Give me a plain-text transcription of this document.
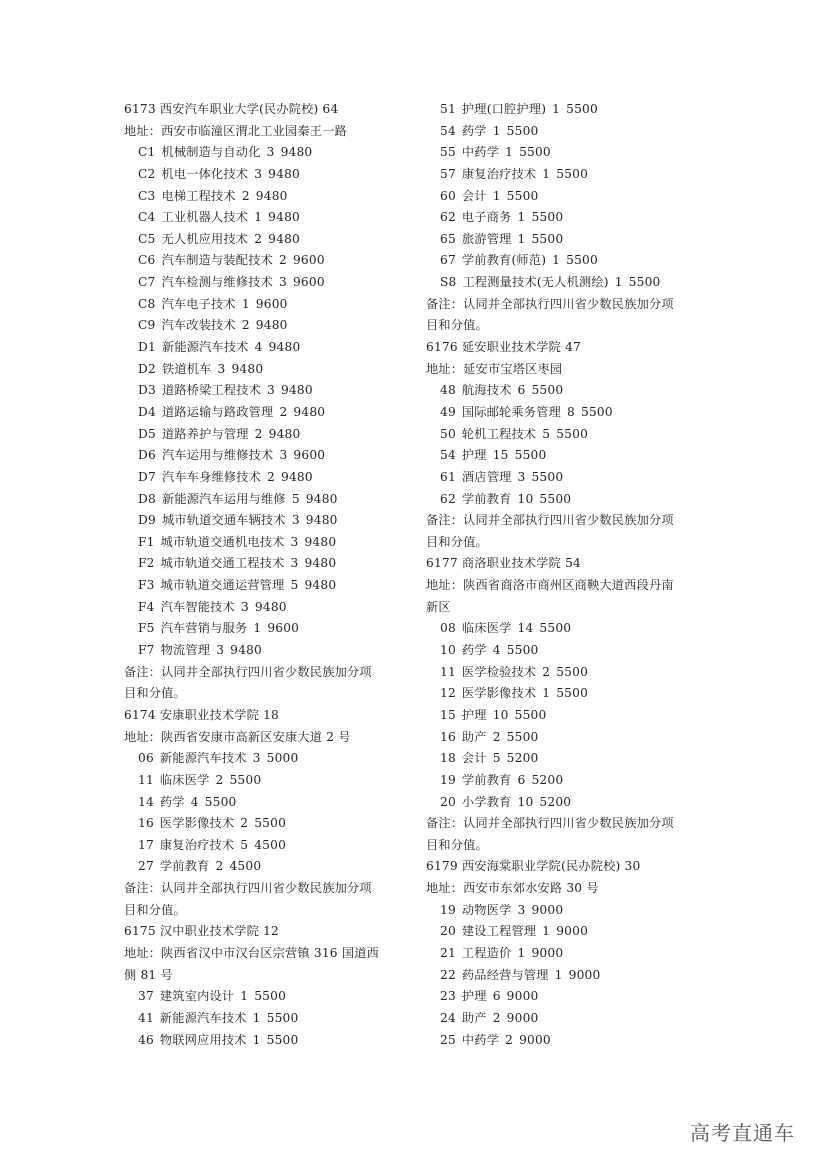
6173 西安汽车职业大学(民办院校) 64
地址：西安市临潼区渭北工业园秦王一路
C1 机械制造与自动化 3 9480
C2 机电一体化技术 3 9480
C3 电梯工程技术 2 9480
C4 工业机器人技术 1 9480
C5 无人机应用技术 2 9480
C6 汽车制造与装配技术 2 9600
C7 汽车检测与维修技术 3 9600
C8 汽车电子技术 1 9600
C9 汽车改装技术 2 9480
D1 新能源汽车技术 4 9480
D2 铁道机车 3 9480
D3 道路桥梁工程技术 3 9480
D4 道路运输与路政管理 2 9480
D5 道路养护与管理 2 9480
D6 汽车运用与维修技术 3 9600
D7 汽车车身维修技术 2 9480
D8 新能源汽车运用与维修 5 9480
D9 城市轨道交通车辆技术 3 9480
F1 城市轨道交通机电技术 3 9480
F2 城市轨道交通工程技术 3 9480
F3 城市轨道交通运营管理 5 9480
F4 汽车智能技术 3 9480
F5 汽车营销与服务 1 9600
F7 物流管理 3 9480
备注：认同并全部执行四川省少数民族加分项
目和分值。
6174 安康职业技术学院 18
地址：陕西省安康市高新区安康大道 2 号
06 新能源汽车技术 3 5000
11 临床医学 2 5500
14 药学 4 5500
16 医学影像技术 2 5500
17 康复治疗技术 5 4500
27 学前教育 2 4500
备注：认同并全部执行四川省少数民族加分项
目和分值。
6175 汉中职业技术学院 12
地址：陕西省汉中市汉台区宗营镇 316 国道西
侧 81 号
37 建筑室内设计 1 5500
41 新能源汽车技术 1 5500
46 物联网应用技术 1 5500
51 护理(口腔护理) 1 5500
54 药学 1 5500
55 中药学 1 5500
57 康复治疗技术 1 5500
60 会计 1 5500
62 电子商务 1 5500
65 旅游管理 1 5500
67 学前教育(师范) 1 5500
S8 工程测量技术(无人机测绘) 1 5500
备注：认同并全部执行四川省少数民族加分项
目和分值。
6176 延安职业技术学院 47
地址：延安市宝塔区枣园
48 航海技术 6 5500
49 国际邮轮乘务管理 8 5500
50 轮机工程技术 5 5500
54 护理 15 5500
61 酒店管理 3 5500
62 学前教育 10 5500
备注：认同并全部执行四川省少数民族加分项
目和分值。
6177 商洛职业技术学院 54
地址：陕西省商洛市商州区商鞅大道西段丹南
新区
08 临床医学 14 5500
10 药学 4 5500
11 医学检验技术 2 5500
12 医学影像技术 1 5500
15 护理 10 5500
16 助产 2 5500
18 会计 5 5200
19 学前教育 6 5200
20 小学教育 10 5200
备注：认同并全部执行四川省少数民族加分项
目和分值。
6179 西安海棠职业学院(民办院校) 30
地址：西安市东郊水安路 30 号
19 动物医学 3 9000
20 建设工程管理 1 9000
21 工程造价 1 9000
22 药品经营与管理 1 9000
23 护理 6 9000
24 助产 2 9000
25 中药学 2 9000
高考直通车
